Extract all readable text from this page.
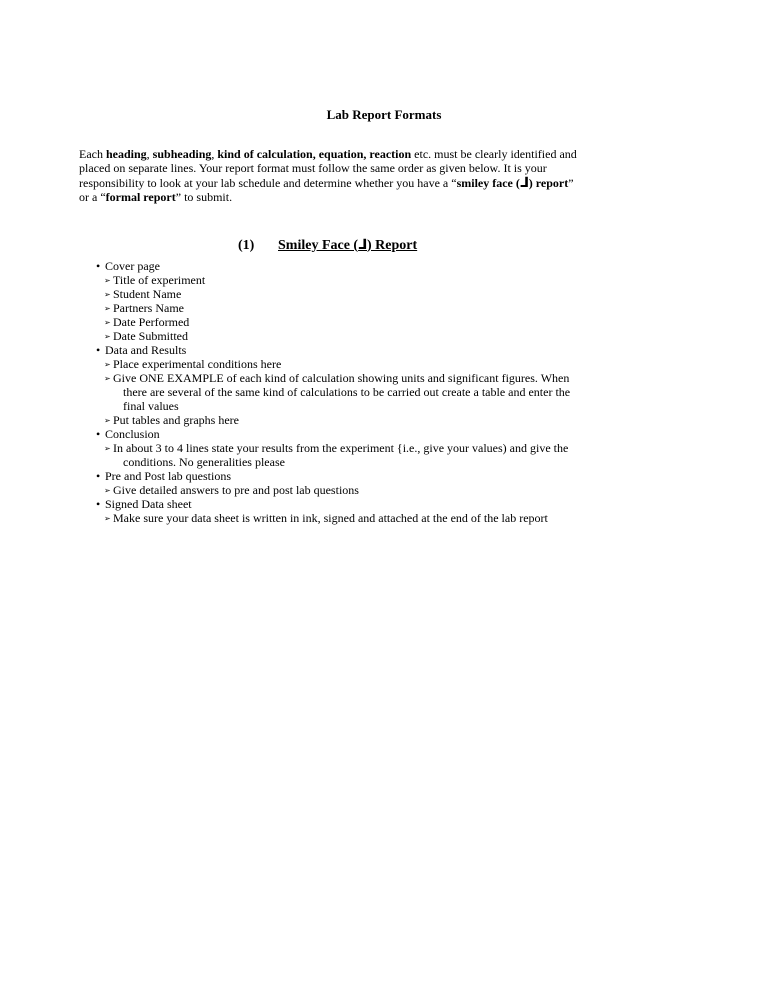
Lab Report Formats

Each heading, subheading, kind of calculation, equation, reaction etc. must be clearly identified and

placed on separate lines. Your report format must follow the same order as given below. It is your

responsibility to look at your lab schedule and determine whether you have a “smiley face (⅃) report”

or a “formal report” to submit.

(1) Smiley Face (⅃) Report
• Cover page
➢ Title of experiment
➢ Student Name
➢ Partners Name
➢ Date Performed
➢ Date Submitted
• Data and Results
➢ Place experimental conditions here
➢ Give ONE EXAMPLE of each kind of calculation showing units and significant figures. When there are several of the same kind of calculations to be carried out create a table and enter the final values
➢ Put tables and graphs here
• Conclusion
➢ In about 3 to 4 lines state your results from the experiment {i.e., give your values) and give the conditions. No generalities please
• Pre and Post lab questions
➢ Give detailed answers to pre and post lab questions
• Signed Data sheet
➢ Make sure your data sheet is written in ink, signed and attached at the end of the lab report
